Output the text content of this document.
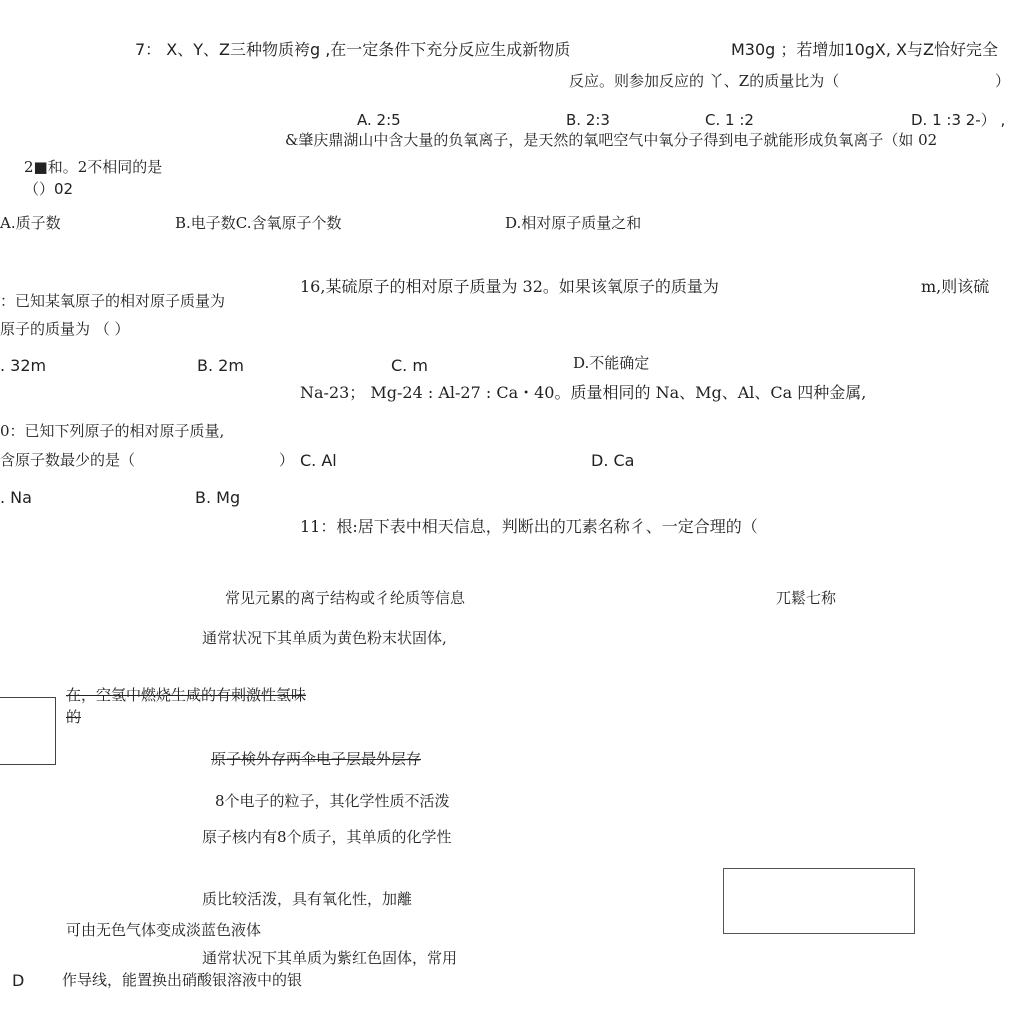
7： X、Y、Z三种物质袴g ,在一定条件下充分反应生成新物质	M30g ；若增加10gX, X与Z恰好完全
反应。则参加反应的 丫、Z的质量比为（	）
A. 2:5	B. 2:3	C. 1 :2	D. 1 :3 2-） ,
&肇庆鼎湖山中含大量的负氧离子，是天然的氧吧空气中氧分子得到电子就能形成负氧离子（如 02
2■和。2不相同的是
（）02
A.质子数	B.电子数C.含氧原子个数	D.相对原子质量之和
16,某硫原子的相对原子质量为 32。如果该氧原子的质量为	m,则该硫
：已知某氧原子的相对原子质量为
原子的质量为 （ ）
. 32m	B. 2m	C. m	D.不能确定
Na-23； Mg-24 : Al-27 : Ca・40。质量相同的 Na、Mg、Al、Ca 四种金属,
0：已知下列原子的相对原子质量,
含原子数最少的是（	） C. Al	D. Ca
. Na	B. Mg
11：根:居下表中相天信息，判断出的兀素名称彳、一定合理的（
常见元累的离亍结构或彳纶质等信息	兀鬆七称
通常状况下其单质为黄色粉末状固体,
在，空氢中燃烧生咸的有刺激性氢味
的
原子検外存两伞电子层最外层存
8个电子的粒子，其化学性质不活泼
原子核内有8个质子，其单质的化学性
质比较活泼，具有氧化性，加離
可由无色气体变成淡蓝色液体
D
通常状况下其单质为紫红色固体，常用
作导线，能置换出硝酸银溶液中的银
